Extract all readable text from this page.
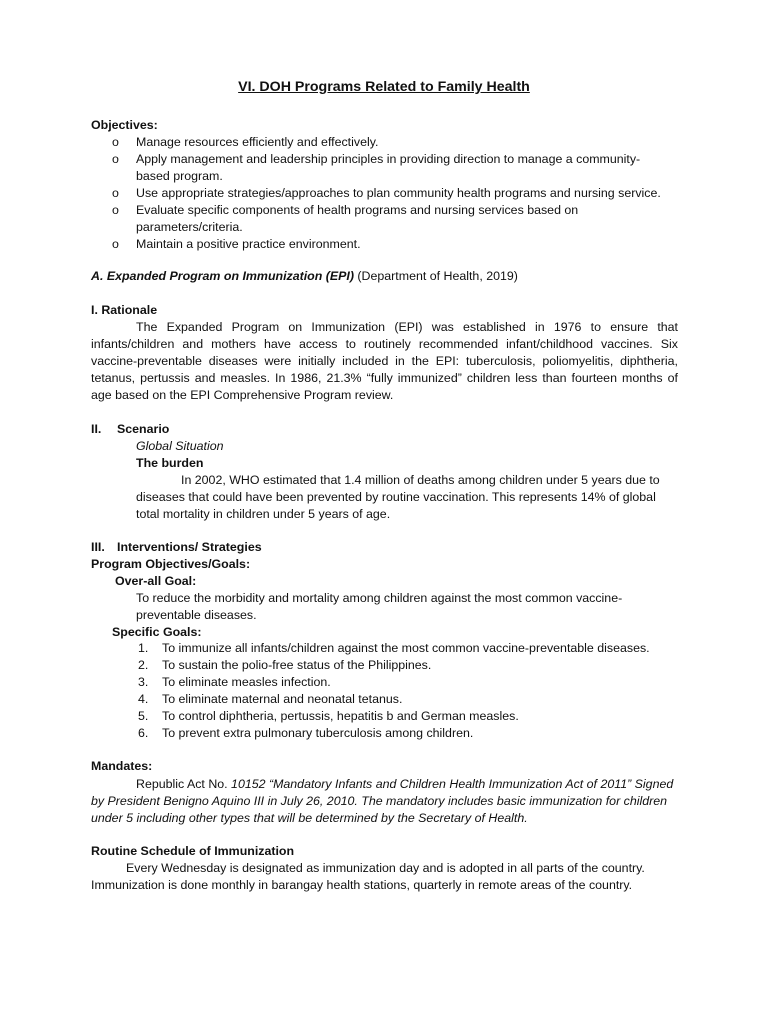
VI. DOH Programs Related to Family Health
Objectives:
o Manage resources efficiently and effectively.
o Apply management and leadership principles in providing direction to manage a community-based program.
o Use appropriate strategies/approaches to plan community health programs and nursing service.
o Evaluate specific components of health programs and nursing services based on parameters/criteria.
o Maintain a positive practice environment.
A. Expanded Program on Immunization (EPI) (Department of Health, 2019)
I. Rationale
The Expanded Program on Immunization (EPI) was established in 1976 to ensure that infants/children and mothers have access to routinely recommended infant/childhood vaccines. Six vaccine-preventable diseases were initially included in the EPI: tuberculosis, poliomyelitis, diphtheria, tetanus, pertussis and measles. In 1986, 21.3% “fully immunized” children less than fourteen months of age based on the EPI Comprehensive Program review.
II. Scenario
Global Situation
The burden
In 2002, WHO estimated that 1.4 million of deaths among children under 5 years due to diseases that could have been prevented by routine vaccination. This represents 14% of global total mortality in children under 5 years of age.
III. Interventions/ Strategies
Program Objectives/Goals:
Over-all Goal:
To reduce the morbidity and mortality among children against the most common vaccine-preventable diseases.
Specific Goals:
1. To immunize all infants/children against the most common vaccine-preventable diseases.
2. To sustain the polio-free status of the Philippines.
3. To eliminate measles infection.
4. To eliminate maternal and neonatal tetanus.
5. To control diphtheria, pertussis, hepatitis b and German measles.
6. To prevent extra pulmonary tuberculosis among children.
Mandates:
Republic Act No. 10152 “Mandatory Infants and Children Health Immunization Act of 2011” Signed by President Benigno Aquino III in July 26, 2010. The mandatory includes basic immunization for children under 5 including other types that will be determined by the Secretary of Health.
Routine Schedule of Immunization
Every Wednesday is designated as immunization day and is adopted in all parts of the country. Immunization is done monthly in barangay health stations, quarterly in remote areas of the country.
